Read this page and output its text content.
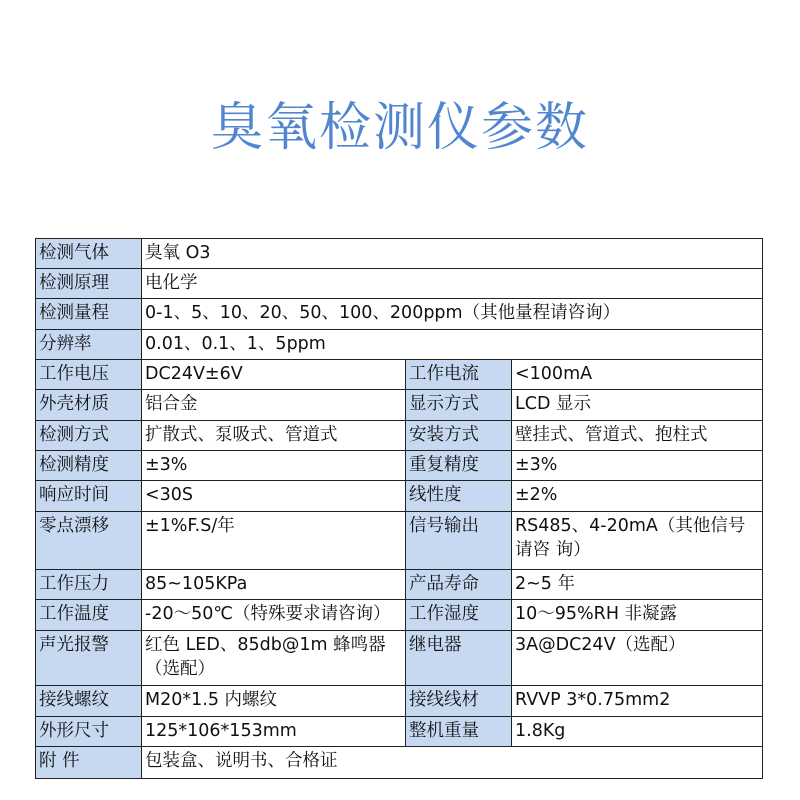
臭氧检测仪参数
检测气体	臭氧 O3		
检测原理	电化学		
检测量程	0-1、5、10、20、50、100、200ppm（其他量程请咨询）		
分辨率	0.01、0.1、1、5ppm		
工作电压	DC24V±6V	工作电流	<100mA
外壳材质	铝合金	显示方式	LCD 显示
检测方式	扩散式、泵吸式、管道式	安装方式	壁挂式、管道式、抱柱式
检测精度	±3%	重复精度	±3%
响应时间	<30S	线性度	±2%
零点漂移	±1%F.S/年	信号输出	RS485、4-20mA（其他信号请咨 询）
工作压力	85~105KPa	产品寿命	2~5 年
工作温度	-20～50℃（特殊要求请咨询）	工作湿度	10～95%RH 非凝露
声光报警	红色 LED、85db@1m 蜂鸣器（选配）	继电器	3A@DC24V（选配）
接线螺纹	M20*1.5 内螺纹	接线线材	RVVP 3*0.75mm2
外形尺寸	125*106*153mm	整机重量	1.8Kg
附 件	包装盒、说明书、合格证		
